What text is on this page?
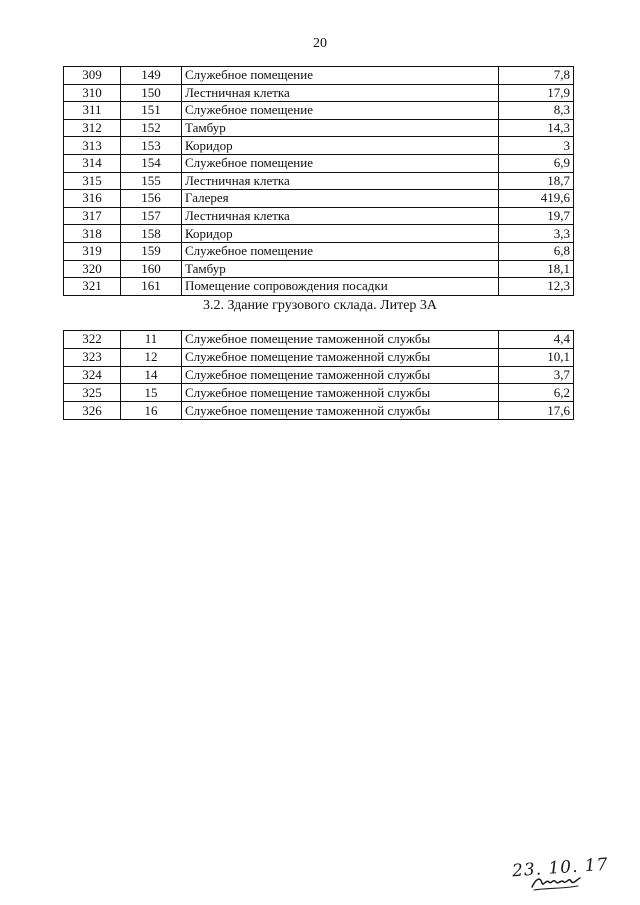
20
309	149	Служебное помещение	7,8
310	150	Лестничная клетка	17,9
311	151	Служебное помещение	8,3
312	152	Тамбур	14,3
313	153	Коридор	3
314	154	Служебное помещение	6,9
315	155	Лестничная клетка	18,7
316	156	Галерея	419,6
317	157	Лестничная клетка	19,7
318	158	Коридор	3,3
319	159	Служебное помещение	6,8
320	160	Тамбур	18,1
321	161	Помещение сопровождения посадки	12,3
3.2. Здание грузового склада. Литер 3А
322	11	Служебное помещение таможенной службы	4,4
323	12	Служебное помещение таможенной службы	10,1
324	14	Служебное помещение таможенной службы	3,7
325	15	Служебное помещение таможенной службы	6,2
326	16	Служебное помещение таможенной службы	17,6
23. 10. 17
